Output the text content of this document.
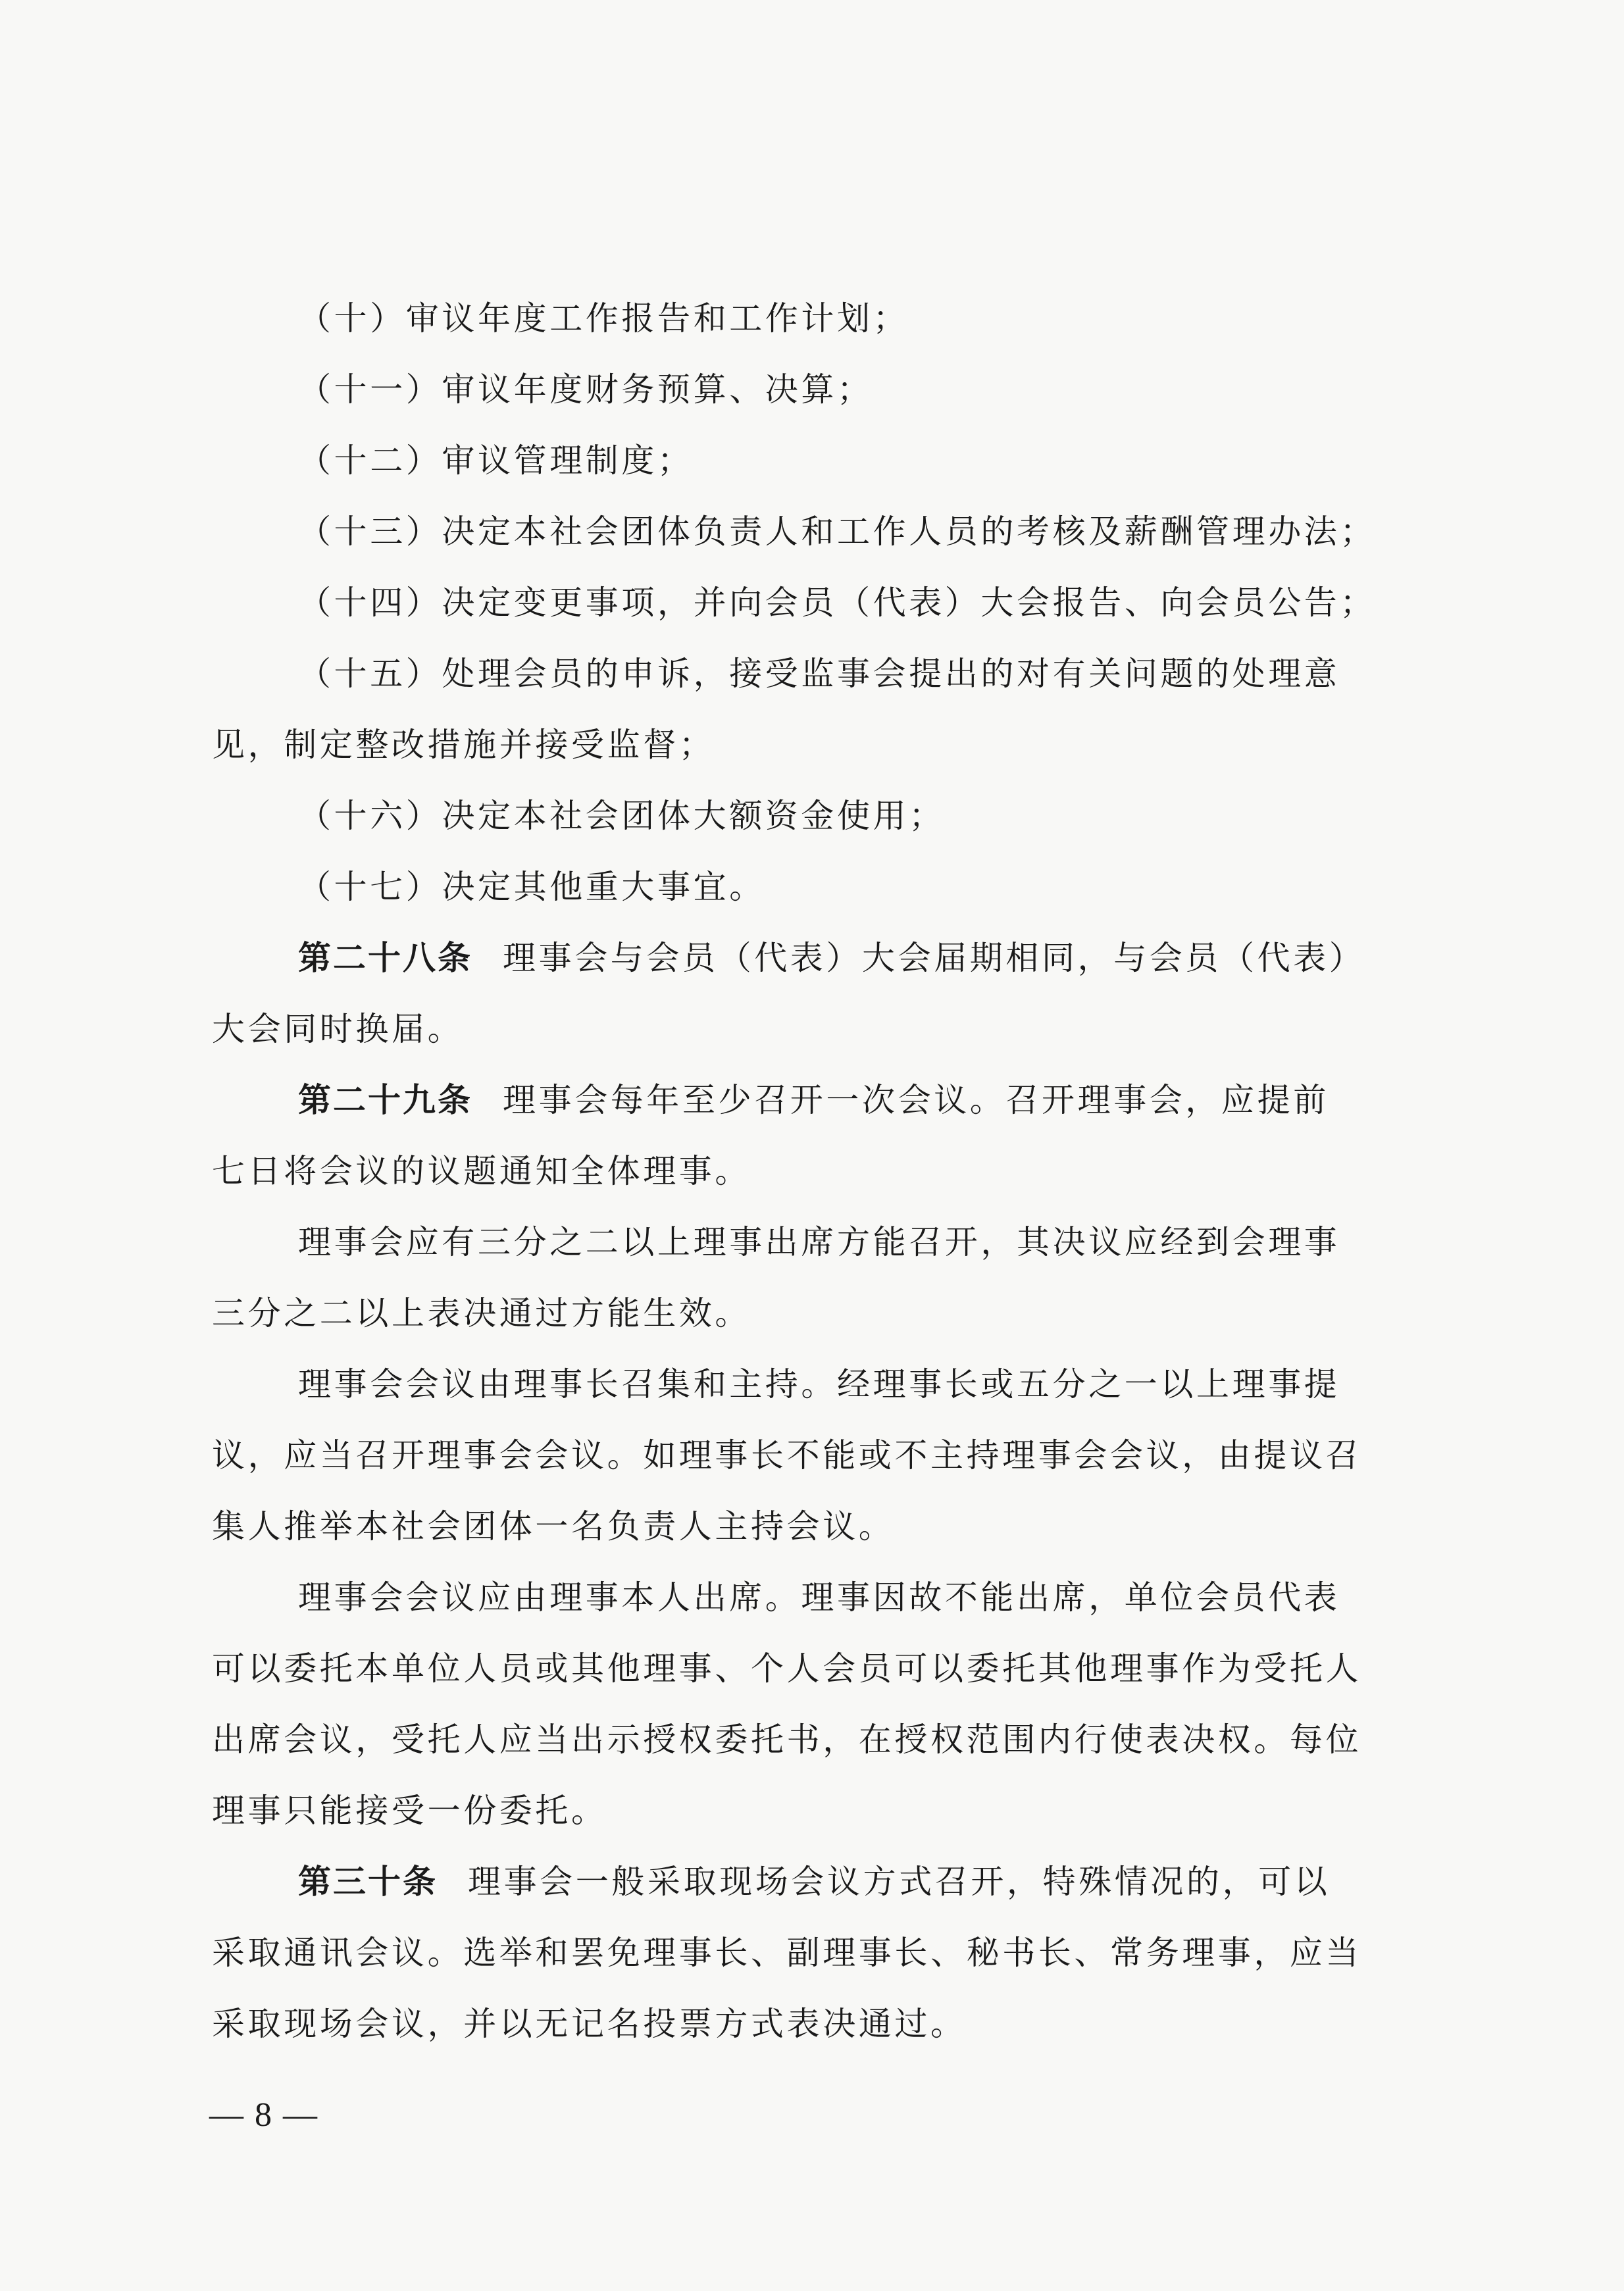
（十）审议年度工作报告和工作计划；
（十一）审议年度财务预算、决算；
（十二）审议管理制度；
（十三）决定本社会团体负责人和工作人员的考核及薪酬管理办法；
（十四）决定变更事项，并向会员（代表）大会报告、向会员公告；
（十五）处理会员的申诉，接受监事会提出的对有关问题的处理意
见，制定整改措施并接受监督；
（十六）决定本社会团体大额资金使用；
（十七）决定其他重大事宜。
第二十八条 理事会与会员（代表）大会届期相同，与会员（代表）
大会同时换届。
第二十九条 理事会每年至少召开一次会议。召开理事会，应提前
七日将会议的议题通知全体理事。
理事会应有三分之二以上理事出席方能召开，其决议应经到会理事
三分之二以上表决通过方能生效。
理事会会议由理事长召集和主持。经理事长或五分之一以上理事提
议，应当召开理事会会议。如理事长不能或不主持理事会会议，由提议召
集人推举本社会团体一名负责人主持会议。
理事会会议应由理事本人出席。理事因故不能出席，单位会员代表
可以委托本单位人员或其他理事、个人会员可以委托其他理事作为受托人
出席会议，受托人应当出示授权委托书，在授权范围内行使表决权。每位
理事只能接受一份委托。
第三十条 理事会一般采取现场会议方式召开，特殊情况的，可以
采取通讯会议。选举和罢免理事长、副理事长、秘书长、常务理事，应当
采取现场会议，并以无记名投票方式表决通过。
— 8 —
